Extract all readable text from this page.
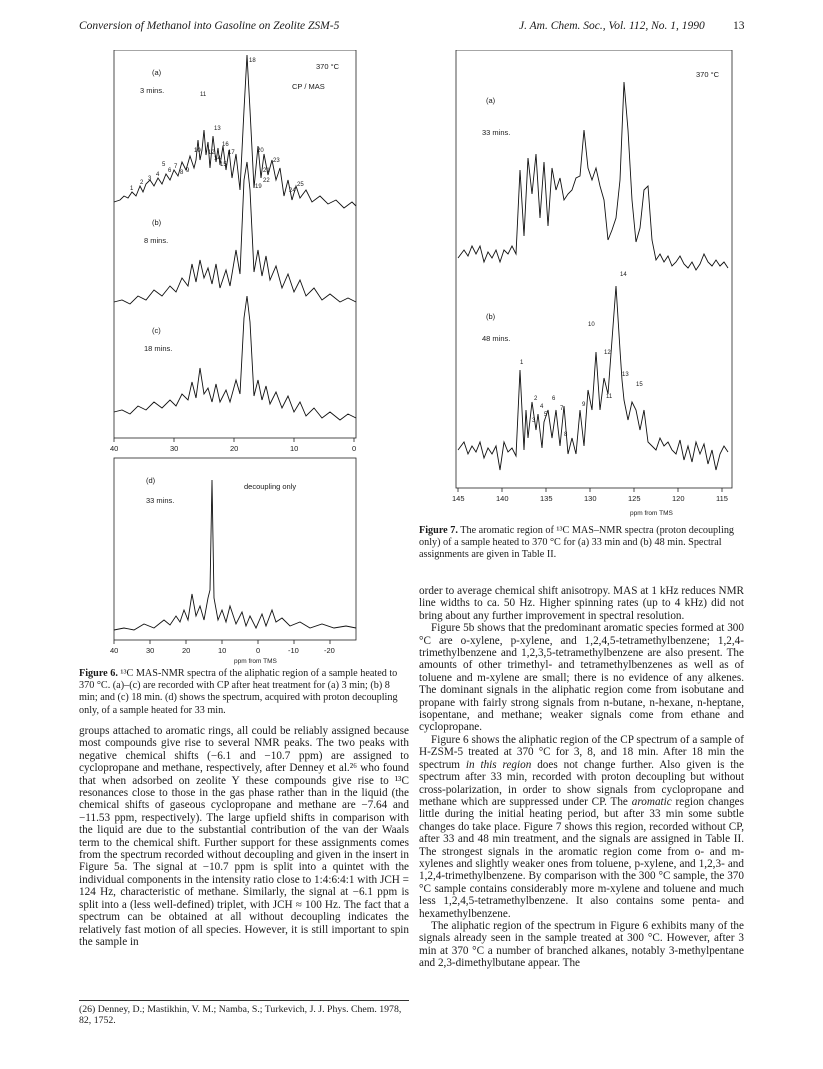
Conversion of Methanol into Gasoline on Zeolite ZSM-5	J. Am. Chem. Soc., Vol. 112, No. 1, 1990 13
(a)
3 mins.
370 °C
CP / MAS
(b)
8 mins.
(c)
18 mins.
1
2
3
4
5
6
7
8 9
10
11
12
13
14
15
16
17
18
19
20
21
22
23
24
25
40	30	20	10	0
(d)
33 mins.
decoupling only
40	30	20	10	0	-10	-20
ppm from TMS
Figure 6. ¹³C MAS-NMR spectra of the aliphatic region of a sample heated to 370 °C. (a)–(c) are recorded with CP after heat treatment for (a) 3 min; (b) 8 min; and (c) 18 min. (d) shows the spectrum, acquired with proton decoupling only, of a sample heated for 33 min.
370 °C
(a)
33 mins.
(b)
48 mins.
1
2
3
4
5
6
7
8
9
10
11
12
13
14
15
145	140	135	130	125	120	115
ppm from TMS
Figure 7. The aromatic region of ¹³C MAS–NMR spectra (proton decoupling only) of a sample heated to 370 °C for (a) 33 min and (b) 48 min. Spectral assignments are given in Table II.

groups attached to aromatic rings, all could be reliably assigned because most compounds give rise to several NMR peaks. The two peaks with negative chemical shifts (−6.1 and −10.7 ppm) are assigned to cyclopropane and methane, respectively, after Denney et al.²⁶ who found that when adsorbed on zeolite Y these compounds give rise to ¹³C resonances close to those in the gas phase rather than in the liquid (the chemical shifts of gaseous cyclopropane and methane are −7.64 and −11.53 ppm, respectively). The large upfield shifts in comparison with the liquid are due to the substantial contribution of the van der Waals term to the chemical shift. Further support for these assignments comes from the spectrum recorded without decoupling and given in the insert in Figure 5a. The signal at −10.7 ppm is split into a quintet with the individual components in the intensity ratio close to 1:4:6:4:1 with JCH = 124 Hz, characteristic of methane. Similarly, the signal at −6.1 ppm is split into a (less well-defined) triplet, with JCH ≈ 100 Hz. The fact that a spectrum can be obtained at all without decoupling indicates the relatively fast motion of all species. However, it is still important to spin the sample in

(26) Denney, D.; Mastikhin, V. M.; Namba, S.; Turkevich, J. J. Phys. Chem. 1978, 82, 1752.

order to average chemical shift anisotropy. MAS at 1 kHz reduces NMR line widths to ca. 50 Hz. Higher spinning rates (up to 4 kHz) did not bring about any further improvement in spectral resolution.

Figure 5b shows that the predominant aromatic species formed at 300 °C are o-xylene, p-xylene, and 1,2,4,5-tetramethylbenzene; 1,2,4-trimethylbenzene and 1,2,3,5-tetramethylbenzene are also present. The amounts of other trimethyl- and tetramethylbenzenes as well as of toluene and m-xylene are small; there is no evidence of any alkenes. The dominant signals in the aliphatic region come from isobutane and propane with fairly strong signals from n-butane, n-hexane, n-heptane, isopentane, and methane; weaker signals come from ethane and cyclopropane.

Figure 6 shows the aliphatic region of the CP spectrum of a sample of H-ZSM-5 treated at 370 °C for 3, 8, and 18 min. After 18 min the spectrum in this region does not change further. Also given is the spectrum after 33 min, recorded with proton decoupling but without cross-polarization, in order to show signals from cyclopropane and methane which are suppressed under CP. The aromatic region changes little during the initial heating period, but after 33 min some subtle changes do take place. Figure 7 shows this region, recorded without CP, after 33 and 48 min treatment, and the signals are assigned in Table II. The strongest signals in the aromatic region come from o- and m-xylenes and slightly weaker ones from toluene, p-xylene, and 1,2,3- and 1,2,4-trimethylbenzene. By comparison with the 300 °C sample, the 370 °C sample contains considerably more m-xylene and toluene and much less 1,2,4,5-tetramethylbenzene. It also contains some penta- and hexamethylbenzene.

The aliphatic region of the spectrum in Figure 6 exhibits many of the signals already seen in the sample treated at 300 °C. However, after 3 min at 370 °C a number of branched alkanes, notably 3-methylpentane and 2,3-dimethylbutane appear. The
